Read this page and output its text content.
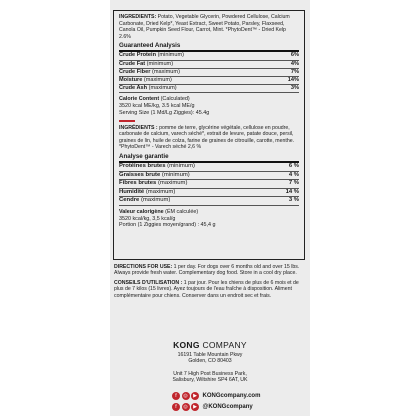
INGREDIENTS: Potato, Vegetable Glycerin, Powdered Cellulose, Calcium Carbonate, Dried Kelp*, Yeast Extract, Sweet Potato, Parsley, Flaxseed, Canola Oil, Pumpkin Seed Flour, Carrot, Mint. *PhytoDent™ - Dried Kelp 2.6%
Guaranteed Analysis
Crude Protein (minimum)	6%
Crude Fat (minimum)	4%
Crude Fiber (maximum)	7%
Moisture (maximum)	14%
Crude Ash (maximum)	3%
Calorie Content (Calculated)
3520 kcal ME/kg, 3.5 kcal ME/g
Serving Size (1 Md/Lg Ziggies): 45.4g
INGRÉDIENTS : pomme de terre, glycérine végétale, cellulose en poudre, carbonate de calcium, varech séché*, extrait de levure, patate douce, persil, graines de lin, huile de colza, farine de graines de citrouille, carotte, menthe. *PhytoDent™ - Varech séché 2,6 %
Analyse garantie
Protéines brutes (minimum)	6 %
Graisses brute (minimum)	4 %
Fibres brutes (maximum)	7 %
Humidité (maximum)	14 %
Cendre (maximum)	3 %
Valeur calorigène (ÉM calculée)
3520 kcal/kg, 3,5 kcal/g
Portion (1 Ziggies moyen/grand) : 45,4 g
DIRECTIONS FOR USE: 1 per day. For dogs over 6 months old and over 15 lbs. Always provide fresh water. Complementary dog food. Store in a cool dry place.
CONSEILS D'UTILISATION : 1 par jour. Pour les chiens de plus de 6 mois et de plus de 7 kilos (15 livres). Ayez toujours de l'eau fraîche à disposition. Aliment complémentaire pour chiens. Conserver dans un endroit sec et frais.
KONG COMPANY
16191 Table Mountain Pkwy
Golden, CO 80403
Unit 7 High Post Business Park,
Salisbury, Wiltshire SP4 6AT, UK
f	◎	▶ KONGcompany.com
f	◎	▶ @KONGcompany
